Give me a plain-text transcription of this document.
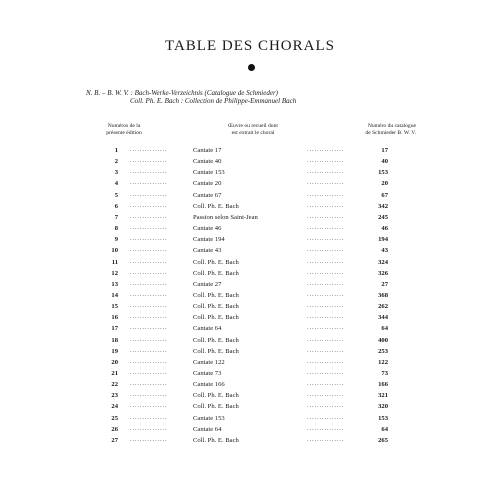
TABLE DES CHORALS
N. B. – B. W. V. : Bach-Werke-Verzeichnis (Catalogue de Schmieder)
Coll. Ph. E. Bach : Collection de Philippe-Emmanuel Bach
Numéros de la
présente édition
Œuvre ou recueil dont
est extrait le choral
Numéro du catalogue
de Schmieder B. W. V.
1 ...............	Cantate 17	...............	17
2 ...............	Cantate 40	...............	40
3 ...............	Cantate 153	...............	153
4 ...............	Cantate 20	...............	20
5 ...............	Cantate 67	...............	67
6 ...............	Coll. Ph. E. Bach	...............	342
7 ...............	Passion selon Saint-Jean	...............	245
8 ...............	Cantate 46	...............	46
9 ...............	Cantate 194	...............	194
10 ...............	Cantate 43	...............	43
11 ...............	Coll. Ph. E. Bach	...............	324
12 ...............	Coll. Ph. E. Bach	...............	326
13 ...............	Cantate 27	...............	27
14 ...............	Coll. Ph. E. Bach	...............	368
15 ...............	Coll. Ph. E. Bach	...............	262
16 ...............	Coll. Ph. E. Bach	...............	344
17 ...............	Cantate 64	...............	64
18 ...............	Coll. Ph. E. Bach	...............	400
19 ...............	Coll. Ph. E. Bach	...............	253
20 ...............	Cantate 122	...............	122
21 ...............	Cantate 73	...............	73
22 ...............	Cantate 166	...............	166
23 ...............	Coll. Ph. E. Bach	...............	321
24 ...............	Coll. Ph. E. Bach	...............	320
25 ...............	Cantate 153	...............	153
26 ...............	Cantate 64	...............	64
27 ...............	Coll. Ph. E. Bach	...............	265
